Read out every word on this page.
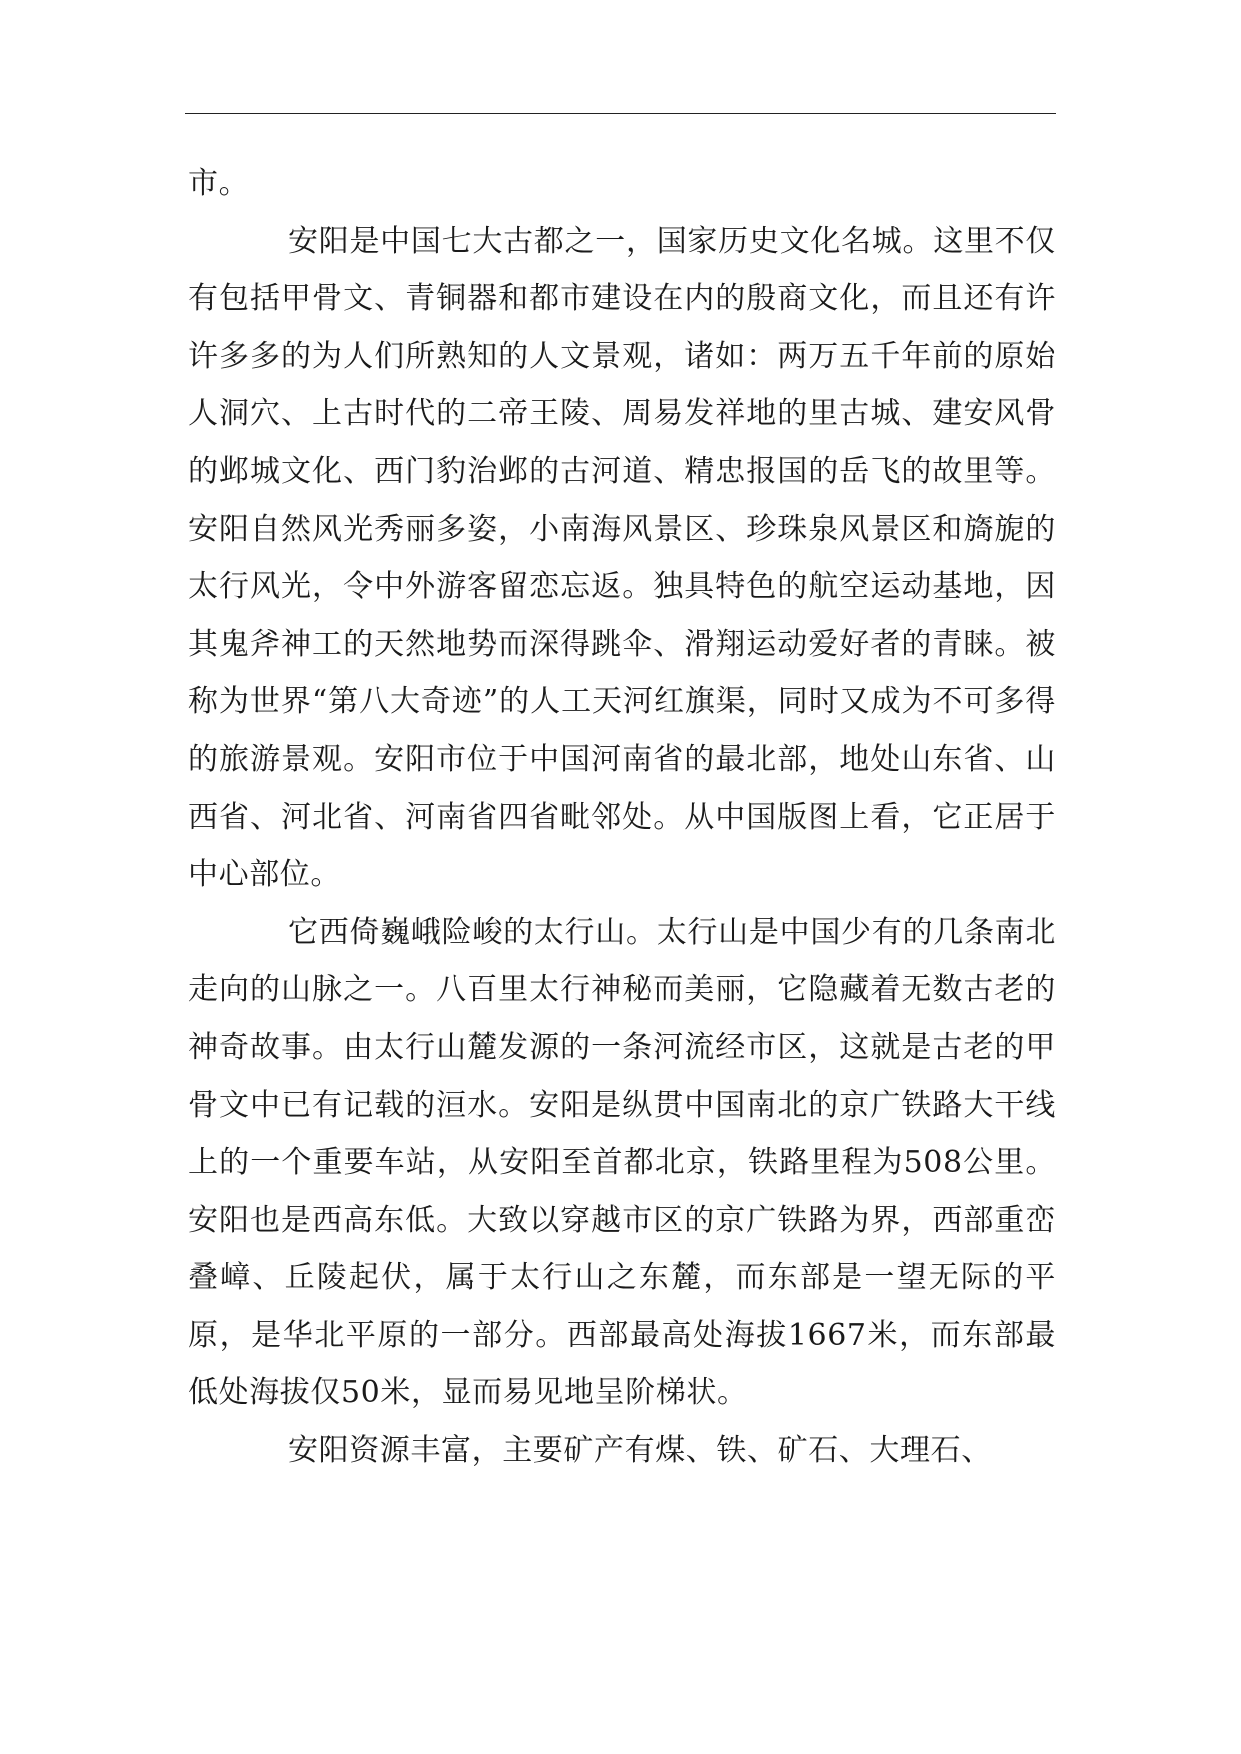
市。

安阳是中国七大古都之一，国家历史文化名城。这里不仅有包括甲骨文、青铜器和都市建设在内的殷商文化，而且还有许许多多的为人们所熟知的人文景观，诸如：两万五千年前的原始人洞穴、上古时代的二帝王陵、周易发祥地的里古城、建安风骨的邺城文化、西门豹治邺的古河道、精忠报国的岳飞的故里等。安阳自然风光秀丽多姿，小南海风景区、珍珠泉风景区和旖旎的太行风光，令中外游客留恋忘返。独具特色的航空运动基地，因其鬼斧神工的天然地势而深得跳伞、滑翔运动爱好者的青睐。被称为世界“第八大奇迹”的人工天河红旗渠，同时又成为不可多得的旅游景观。安阳市位于中国河南省的最北部，地处山东省、山西省、河北省、河南省四省毗邻处。从中国版图上看，它正居于中心部位。

它西倚巍峨险峻的太行山。太行山是中国少有的几条南北走向的山脉之一。八百里太行神秘而美丽，它隐藏着无数古老的神奇故事。由太行山麓发源的一条河流经市区，这就是古老的甲骨文中已有记载的洹水。安阳是纵贯中国南北的京广铁路大干线上的一个重要车站，从安阳至首都北京，铁路里程为508公里。安阳也是西高东低。大致以穿越市区的京广铁路为界，西部重峦叠嶂、丘陵起伏，属于太行山之东麓，而东部是一望无际的平原，是华北平原的一部分。西部最高处海拔1667米，而东部最低处海拔仅50米，显而易见地呈阶梯状。

安阳资源丰富，主要矿产有煤、铁、矿石、大理石、
